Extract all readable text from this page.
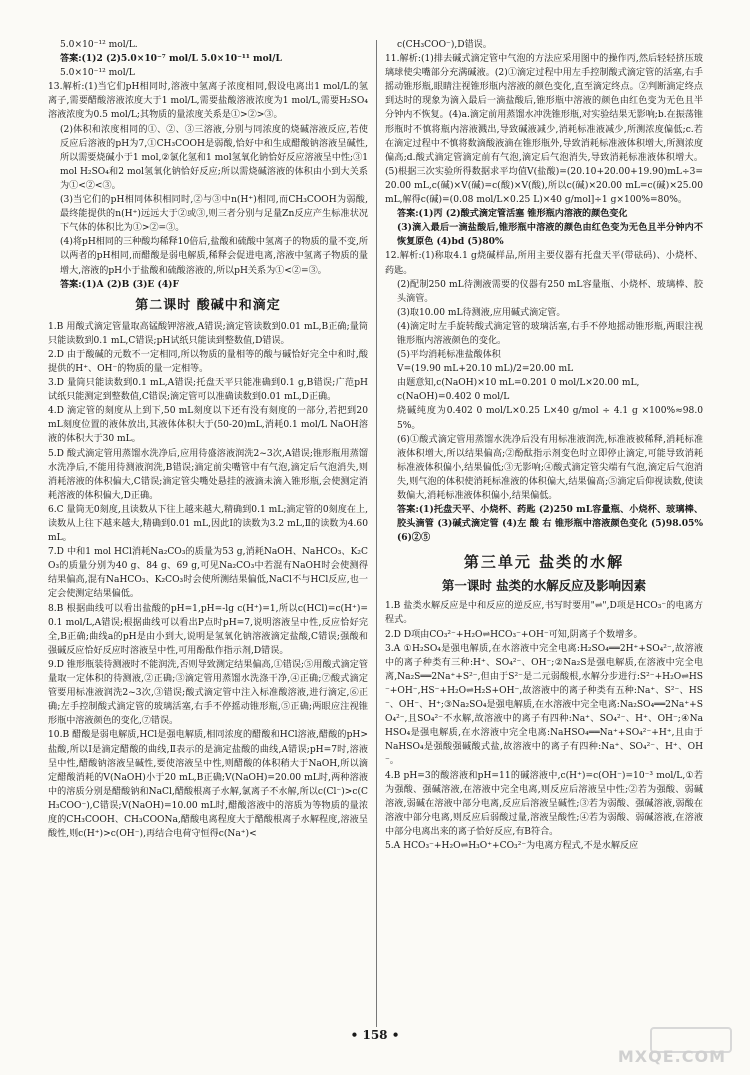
5.0×10⁻¹² mol/L.
答案:(1)2 (2)5.0×10⁻⁷ mol/L 5.0×10⁻¹¹ mol/L
5.0×10⁻¹² mol/L
13.解析:(1)当它们pH相同时,溶液中氢离子浓度相同,假设电离出1 mol/L的氢离子,需要醋酸溶液浓度大于1 mol/L,需要盐酸溶液浓度为1 mol/L,需要H₂SO₄溶液浓度为0.5 mol/L;其物质的量浓度关系是①>②>③。
(2)体积和浓度相同的①、②、③三溶液,分别与同浓度的烧碱溶液反应,若使反应后溶液的pH为7,①CH₃COOH是弱酸,恰好中和生成醋酸钠溶液呈碱性,所以需要烧碱小于1 mol,②氯化氢和1 mol氢氧化钠恰好反应溶液呈中性;③1 mol H₂SO₄和2 mol氢氧化钠恰好反应;所以需烧碱溶液的体积由小到大关系为①<②<③。
(3)当它们的pH相同体积相同时,②与③中n(H⁺)相同,而CH₃COOH为弱酸,最终能提供的n(H⁺)远远大于②或③,则三者分别与足量Zn反应产生标准状况下气体的体积比为①>②=③。
(4)将pH相同的三种酸均稀释10倍后,盐酸和硫酸中氢离子的物质的量不变,所以两者的pH相同,而醋酸是弱电解质,稀释会促进电离,溶液中氢离子物质的量增大,溶液的pH小于盐酸和硫酸溶液的,所以pH关系为①<②=③。
答案:(1)A (2)B (3)E (4)F
第二课时 酸碱中和滴定
1.B 用酸式滴定管量取高锰酸钾溶液,A错误;滴定管读数到0.01 mL,B正确;量筒只能读数到0.1 mL,C错误;pH试纸只能读到整数值,D错误。
2.D 由于酸碱的元数不一定相同,所以物质的量相等的酸与碱恰好完全中和时,酸提供的H⁺、OH⁻的物质的量一定相等。
3.D 量筒只能读数到0.1 mL,A错误;托盘天平只能准确到0.1 g,B错误;广范pH试纸只能测定到整数值,C错误;滴定管可以准确读数到0.01 mL,D正确。
4.D 滴定管的刻度从上到下,50 mL刻度以下还有没有刻度的一部分,若把到20 mL刻度位置的液体放出,其液体体积大于(50-20)mL,消耗0.1 mol/L NaOH溶液的体积大于30 mL。
5.D 酸式滴定管用蒸馏水洗净后,应用待盛溶液润洗2~3次,A错误;锥形瓶用蒸馏水洗净后,不能用待测液润洗,B错误;滴定前尖嘴管中有气泡,滴定后气泡消失,则消耗溶液的体积偏大,C错误;滴定管尖嘴处悬挂的液滴未滴入锥形瓶,会使测定消耗溶液的体积偏大,D正确。
6.C 量筒无0刻度,且读数从下往上越来越大,精确到0.1 mL;滴定管的0刻度在上,读数从上往下越来越大,精确到0.01 mL,因此Ⅰ的读数为3.2 mL,Ⅱ的读数为4.60 mL。
7.D 中和1 mol HCl消耗Na₂CO₃的质量为53 g,消耗NaOH、NaHCO₃、K₂CO₃的质量分别为40 g、84 g、69 g,可见Na₂CO₃中若混有NaOH时会使测得结果偏高,混有NaHCO₃、K₂CO₃时会使所测结果偏低,NaCl不与HCl反应,也一定会使测定结果偏低。
8.B 根据曲线可以看出盐酸的pH=1,pH=-lg c(H⁺)=1,所以c(HCl)=c(H⁺)=0.1 mol/L,A错误;根据曲线可以看出P点时pH=7,说明溶液呈中性,反应恰好完全,B正确;曲线a的pH是由小到大,说明是氢氧化钠溶液滴定盐酸,C错误;强酸和强碱反应恰好反应时溶液呈中性,可用酚酞作指示剂,D错误。
9.D 锥形瓶装待测液时不能润洗,否则导致测定结果偏高,①错误;⑤用酸式滴定管量取一定体积的待测液,②正确;③滴定管用蒸馏水洗涤干净,④正确;⑦酸式滴定管要用标准液润洗2~3次,③错误;酸式滴定管中注入标准酸溶液,进行滴定,⑥正确;左手控制酸式滴定管的玻璃活塞,右手不停摇动锥形瓶,⑤正确;两眼应注视锥形瓶中溶液颜色的变化,⑦错误。
10.B 醋酸是弱电解质,HCl是强电解质,相同浓度的醋酸和HCl溶液,醋酸的pH>盐酸,所以Ⅰ是滴定醋酸的曲线,Ⅱ表示的是滴定盐酸的曲线,A错误;pH=7时,溶液呈中性,醋酸钠溶液呈碱性,要使溶液呈中性,则醋酸的体积稍大于NaOH,所以滴定醋酸消耗的V(NaOH)小于20 mL,B正确;V(NaOH)=20.00 mL时,两种溶液中的溶质分别是醋酸钠和NaCl,醋酸根离子水解,氯离子不水解,所以c(Cl⁻)>c(CH₃COO⁻),C错误;V(NaOH)=10.00 mL时,醋酸溶液中的溶质为等物质的量浓度的CH₃COOH、CH₃COONa,醋酸电离程度大于醋酸根离子水解程度,溶液呈酸性,则c(H⁺)>c(OH⁻),再结合电荷守恒得c(Na⁺)<
c(CH₃COO⁻),D错误。
11.解析:(1)排去碱式滴定管中气泡的方法应采用图中的操作丙,然后轻轻挤压玻璃球使尖嘴部分充满碱液。(2)①滴定过程中用左手控制酸式滴定管的活塞,右手摇动锥形瓶,眼睛注视锥形瓶内溶液的颜色变化,直至滴定终点。②判断滴定终点到达时的现象为滴入最后一滴盐酸后,锥形瓶中溶液的颜色由红色变为无色且半分钟内不恢复。(4)a.滴定前用蒸馏水冲洗锥形瓶,对实验结果无影响;b.在振荡锥形瓶时不慎将瓶内溶液溅出,导致碱液减少,消耗标准液减少,所测浓度偏低;c.若在滴定过程中不慎将数滴酸液滴在锥形瓶外,导致消耗标准液体积增大,所测浓度偏高;d.酸式滴定管滴定前有气泡,滴定后气泡消失,导致消耗标准液体积增大。(5)根据三次实验所得数据求平均值V(盐酸)=(20.10+20.00+19.90)mL÷3=20.00 mL,c(碱)×V(碱)=c(酸)×V(酸),所以c(碱)×20.00 mL=c(碱)×25.00 mL,解得c(碱)=(0.08 mol/L×0.25 L)×40 g/mol]÷1 g×100%=80%。
答案:(1)丙 (2)酸式滴定管活塞 锥形瓶内溶液的颜色变化
(3)滴入最后一滴盐酸后,锥形瓶中溶液的颜色由红色变为无色且半分钟内不恢复原色 (4)bd (5)80%
12.解析:(1)称取4.1 g烧碱样品,所用主要仪器有托盘天平(带砝码)、小烧杯、药匙。
(2)配制250 mL待测液需要的仪器有250 mL容量瓶、小烧杯、玻璃棒、胶头滴管。
(3)取10.00 mL待测液,应用碱式滴定管。
(4)滴定时左手旋转酸式滴定管的玻璃活塞,右手不停地摇动锥形瓶,两眼注视锥形瓶内溶液颜色的变化。
(5)平均消耗标准盐酸体积
V=(19.90 mL+20.10 mL)/2=20.00 mL
由题意知,c(NaOH)×10 mL=0.201 0 mol/L×20.00 mL,
c(NaOH)=0.402 0 mol/L
烧碱纯度为0.402 0 mol/L×0.25 L×40 g/mol ÷ 4.1 g ×100%≈98.05%。
(6)①酸式滴定管用蒸馏水洗净后没有用标准液润洗,标准液被稀释,消耗标准液体积增大,所以结果偏高;②酚酞指示剂变色时立即停止滴定,可能导致消耗标准液体积偏小,结果偏低;③无影响;④酸式滴定管尖端有气泡,滴定后气泡消失,则气泡的体积使消耗标准液的体积偏大,结果偏高;⑤滴定后仰视读数,使读数偏大,消耗标准液体积偏小,结果偏低。
答案:(1)托盘天平、小烧杯、药匙 (2)250 mL容量瓶、小烧杯、玻璃棒、胶头滴管 (3)碱式滴定管 (4)左 酸 右 锥形瓶中溶液颜色变化 (5)98.05% (6)②⑤
第三单元 盐类的水解
第一课时 盐类的水解反应及影响因素
1.B 盐类水解反应是中和反应的逆反应,书写时要用"⇌",D项是HCO₃⁻的电离方程式。
2.D D项由CO₃²⁻+H₂O⇌HCO₃⁻+OH⁻可知,阴离子个数增多。
3.A ①H₂SO₄是强电解质,在水溶液中完全电离:H₂SO₄══2H⁺+SO₄²⁻,故溶液中的离子种类有三种:H⁺、SO₄²⁻、OH⁻;②Na₂S是强电解质,在溶液中完全电离,Na₂S══2Na⁺+S²⁻,但由于S²⁻是二元弱酸根,水解分步进行:S²⁻+H₂O⇌HS⁻+OH⁻,HS⁻+H₂O⇌H₂S+OH⁻,故溶液中的离子种类有五种:Na⁺、S²⁻、HS⁻、OH⁻、H⁺;③Na₂SO₄是强电解质,在水溶液中完全电离:Na₂SO₄══2Na⁺+SO₄²⁻,且SO₄²⁻不水解,故溶液中的离子有四种:Na⁺、SO₄²⁻、H⁺、OH⁻;④NaHSO₄是强电解质,在水溶液中完全电离:NaHSO₄══Na⁺+SO₄²⁻+H⁺,且由于NaHSO₄是强酸强碱酸式盐,故溶液中的离子有四种:Na⁺、SO₄²⁻、H⁺、OH⁻。
4.B pH=3的酸溶液和pH=11的碱溶液中,c(H⁺)=c(OH⁻)=10⁻³ mol/L,①若为强酸、强碱溶液,在溶液中完全电离,则反应后溶液呈中性;②若为强酸、弱碱溶液,弱碱在溶液中部分电离,反应后溶液呈碱性;③若为弱酸、强碱溶液,弱酸在溶液中部分电离,则反应后弱酸过量,溶液呈酸性;④若为弱酸、弱碱溶液,在溶液中部分电离出来的离子恰好反应,有B符合。
5.A HCO₃⁻+H₂O⇌H₃O⁺+CO₃²⁻为电离方程式,不是水解反应
• 158 •
MXQE.COM
